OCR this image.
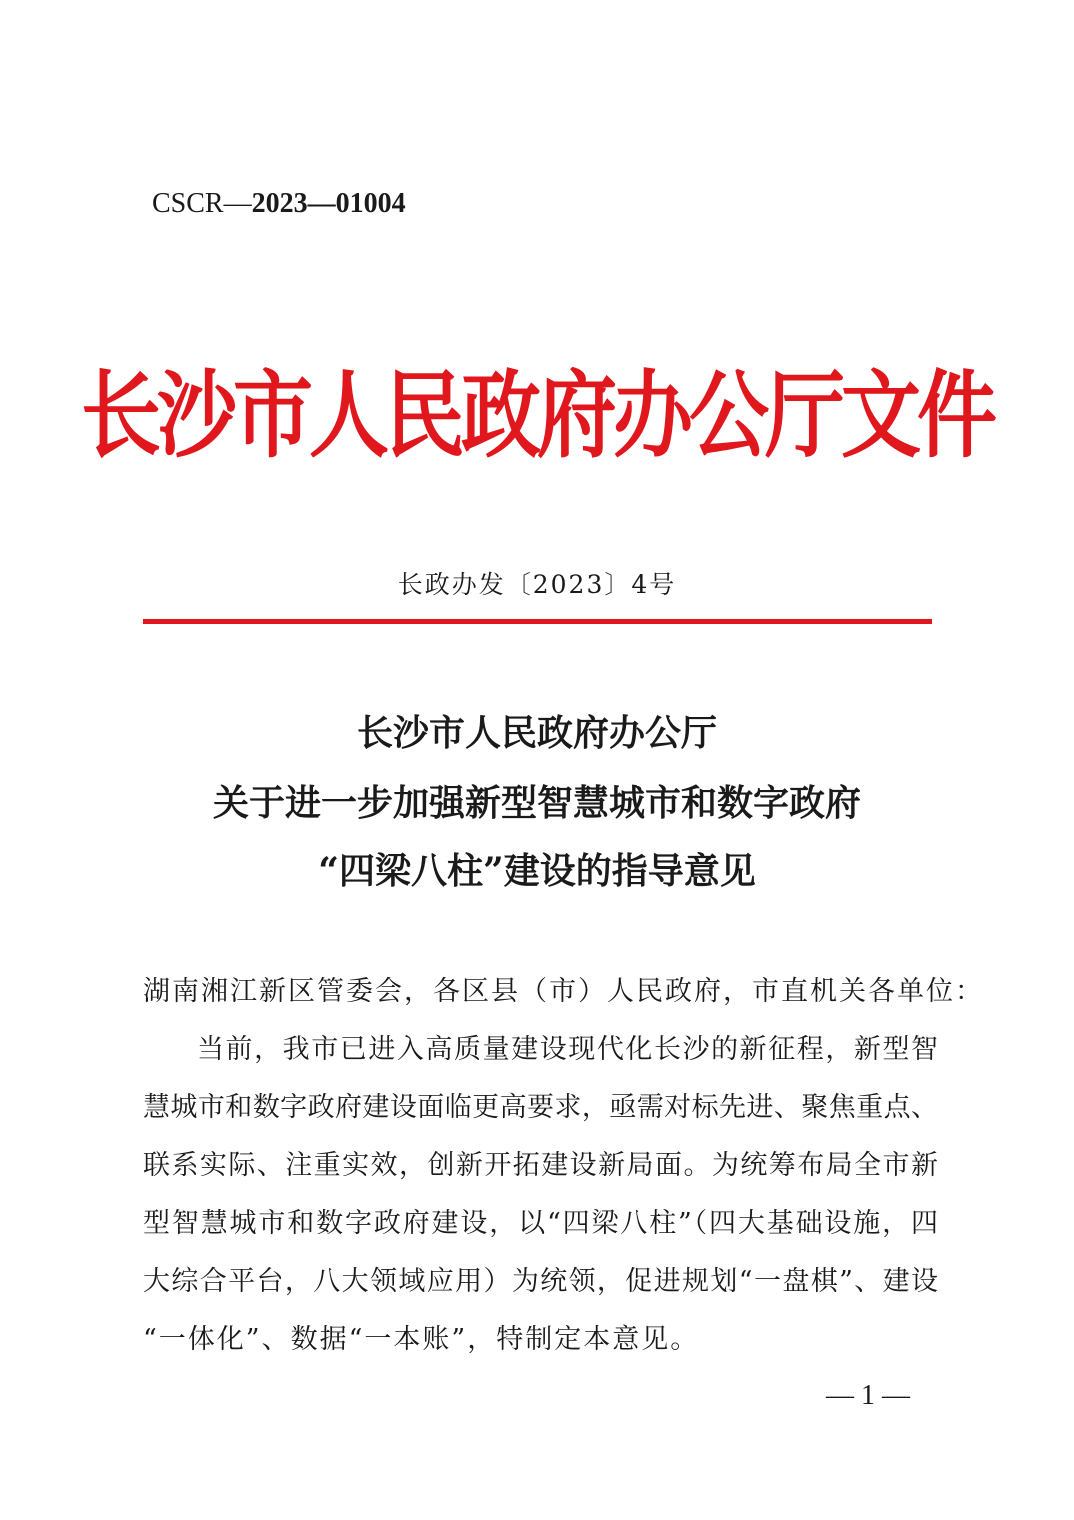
CSCR—2023—01004
长沙市人民政府办公厅文件
长政办发〔2023〕4号
长沙市人民政府办公厅
关于进一步加强新型智慧城市和数字政府
“四梁八柱”建设的指导意见
湖南湘江新区管委会，各区县（市）人民政府，市直机关各单位：
当前，我市已进入高质量建设现代化长沙的新征程，新型智
慧城市和数字政府建设面临更高要求，亟需对标先进、聚焦重点、
联系实际、注重实效，创新开拓建设新局面。为统筹布局全市新
型智慧城市和数字政府建设，以“四梁八柱”（四大基础设施，四
大综合平台，八大领域应用）为统领，促进规划“一盘棋”、建设
“一体化”、数据“一本账”，特制定本意见。
— 1 —
